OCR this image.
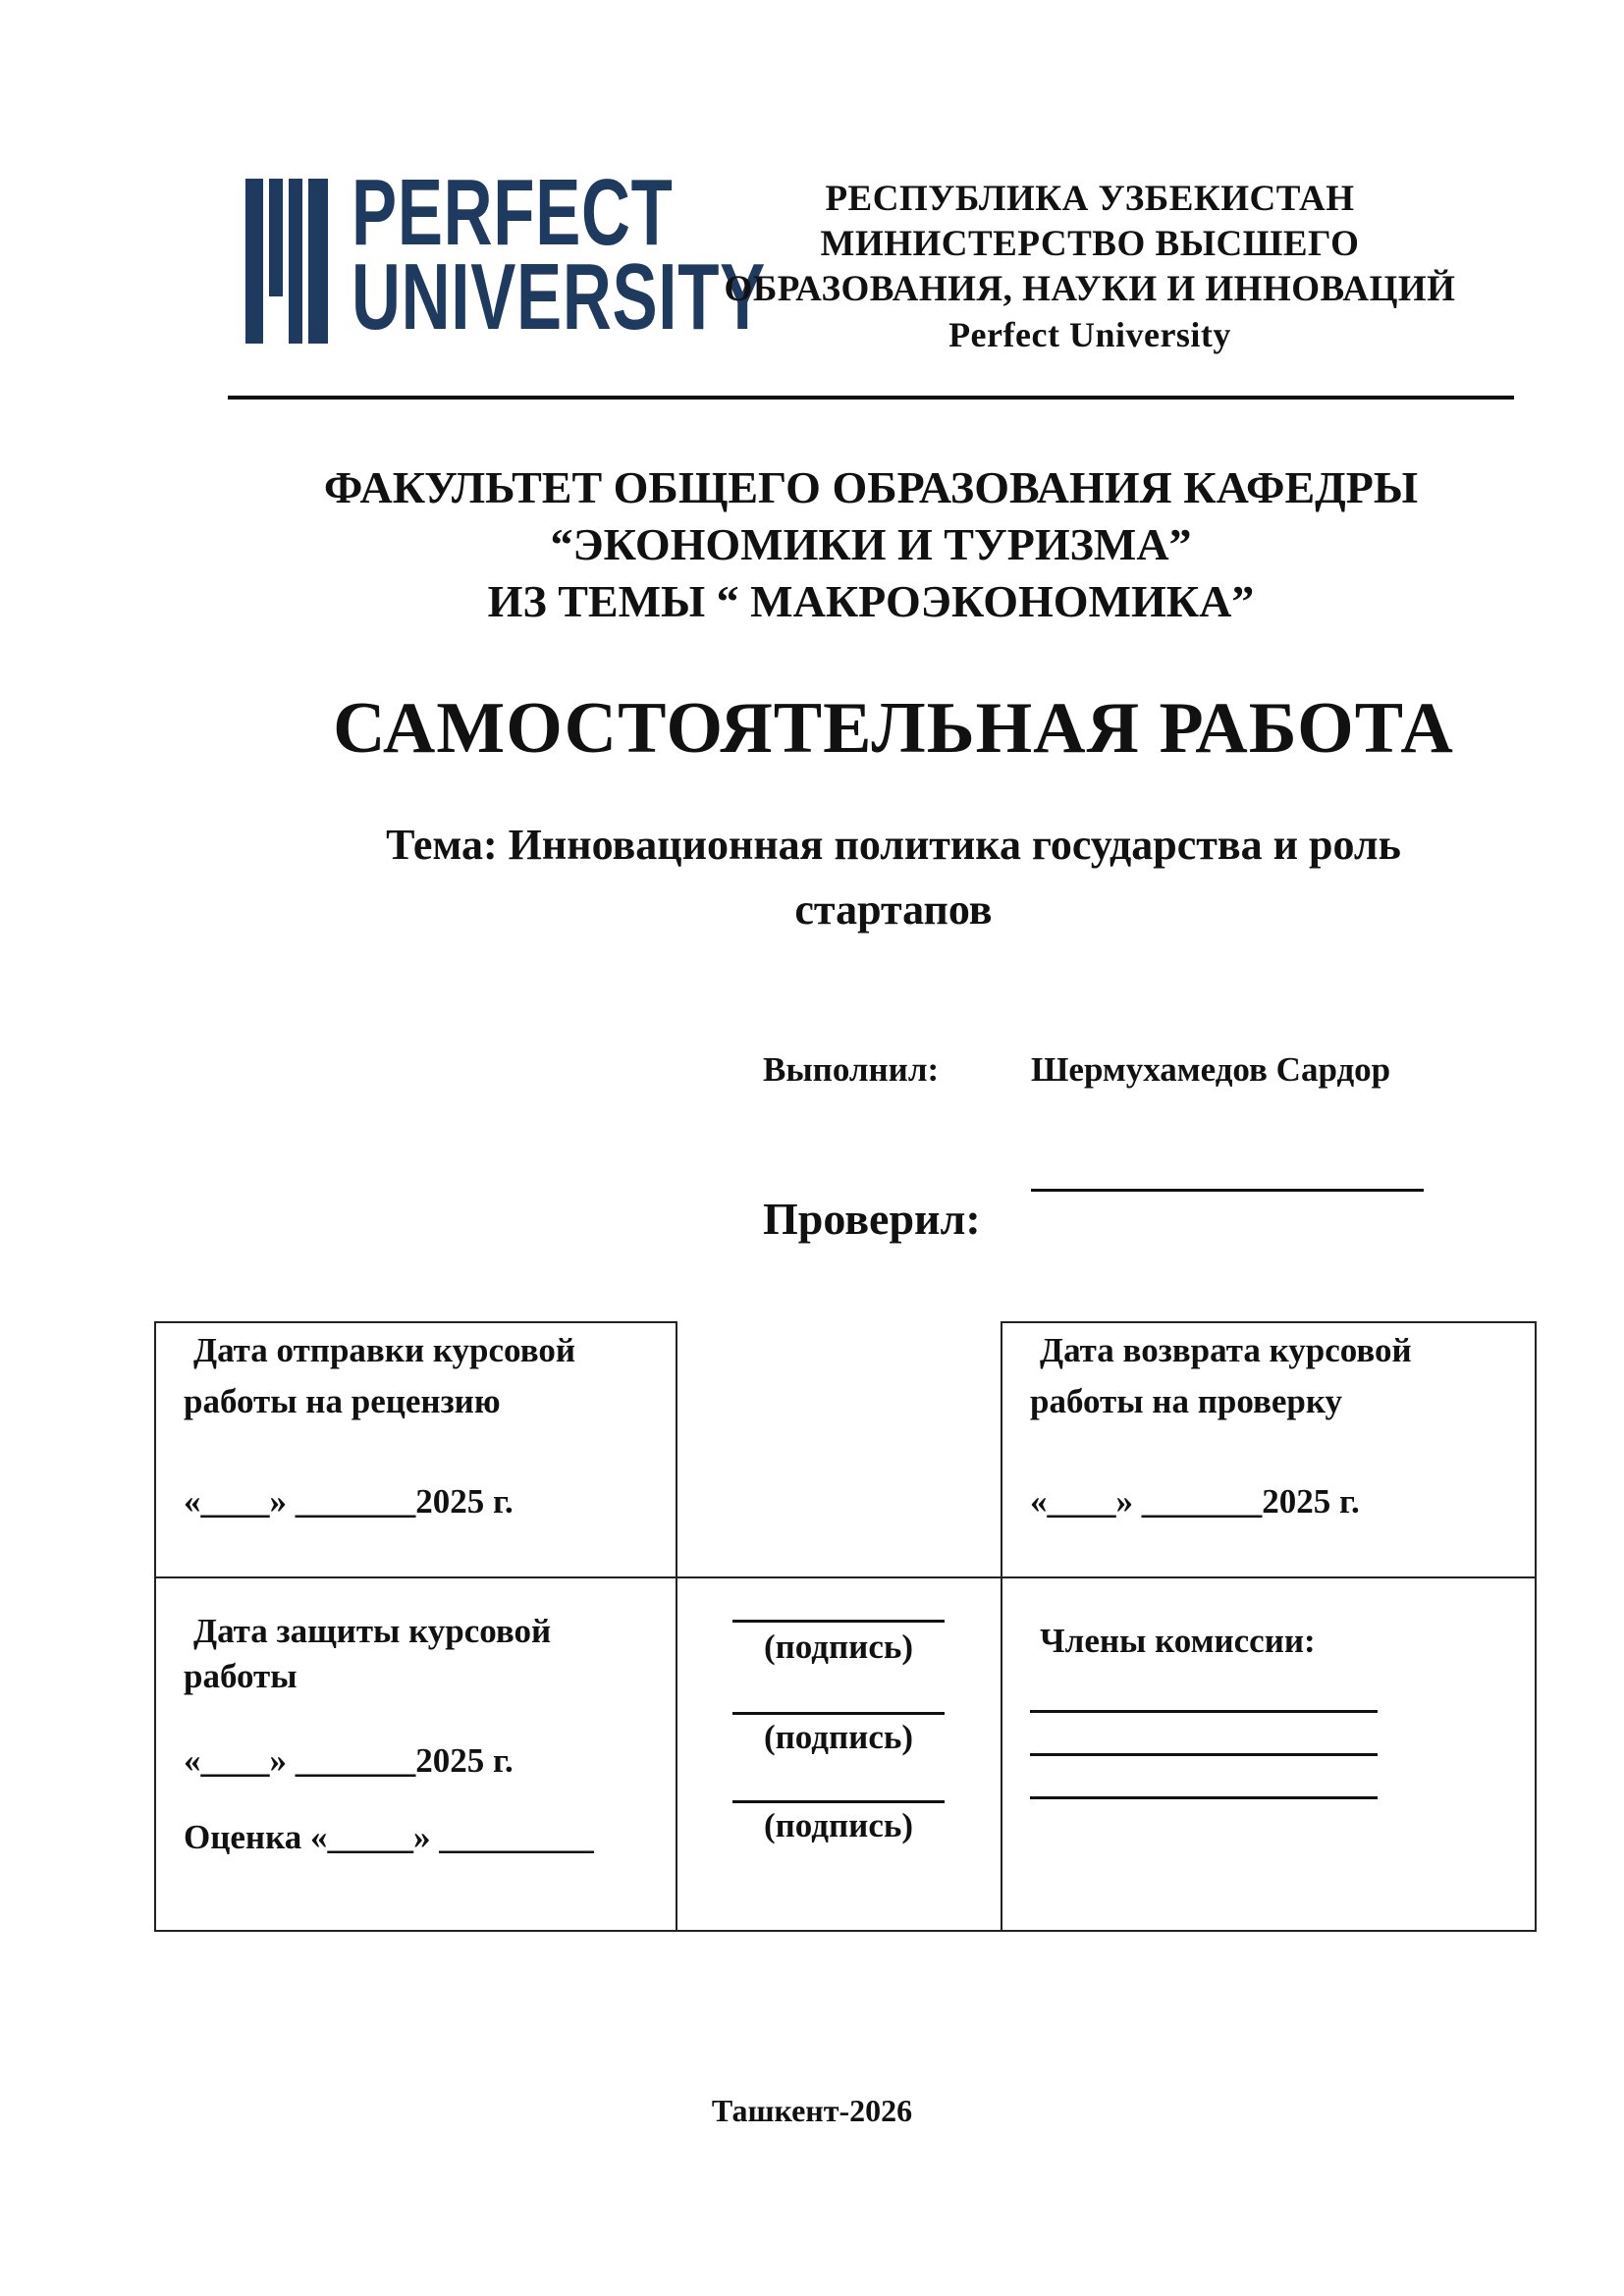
PERFECT
UNIVERSITY
РЕСПУБЛИКА УЗБЕКИСТАН
МИНИСТЕРСТВО ВЫСШЕГО
ОБРАЗОВАНИЯ, НАУКИ И ИННОВАЦИЙ
Perfect University
ФАКУЛЬТЕТ ОБЩЕГО ОБРАЗОВАНИЯ КАФЕДРЫ
“ЭКОНОМИКИ И ТУРИЗМА”
ИЗ ТЕМЫ “ МАКРОЭКОНОМИКА”
САМОСТОЯТЕЛЬНАЯ РАБОТА
Тема: Инновационная политика государства и роль
стартапов
Выполнил:	Шермухамедов Сардор
Проверил:
Дата отправки курсовой
работы на рецензию
«____» _______2025 г.
Дата возврата курсовой
работы на проверку
«____» _______2025 г.
Дата защиты курсовой
работы
«____» _______2025 г.
Оценка «_____» _________
(подпись)
(подпись)
(подпись)
Члены комиссии:
Ташкент-2026
